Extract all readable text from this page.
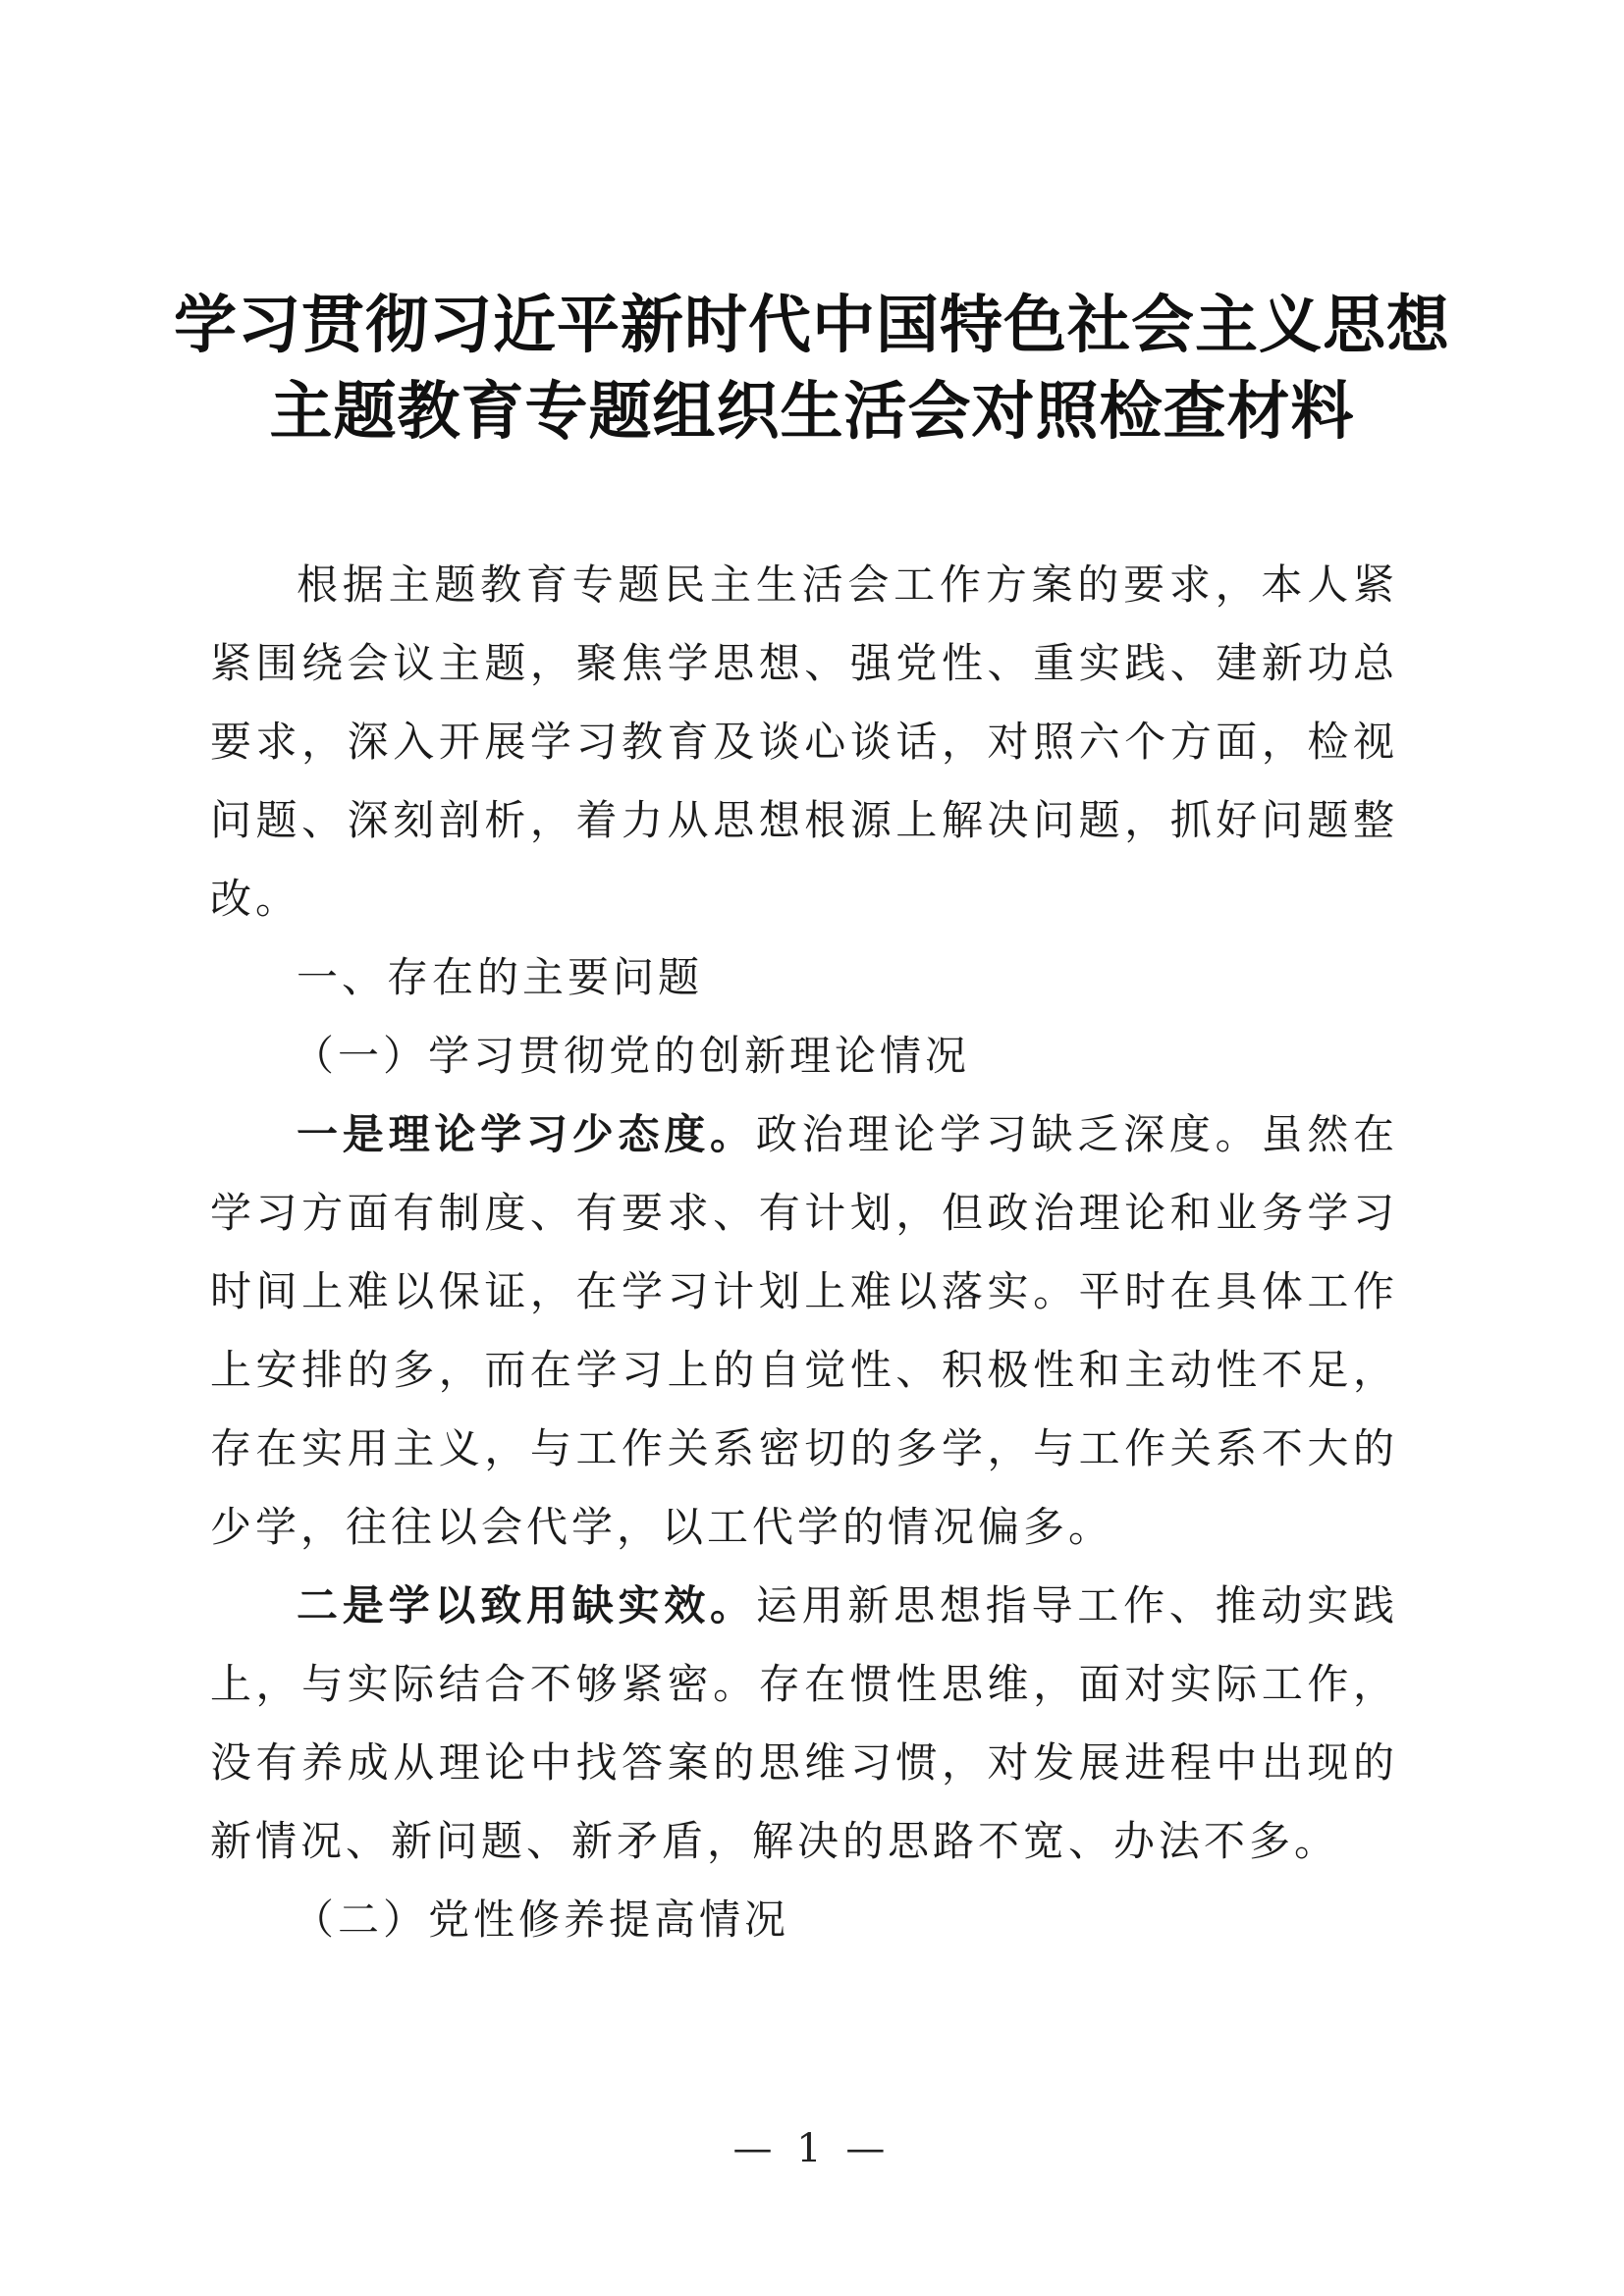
学习贯彻习近平新时代中国特色社会主义思想
主题教育专题组织生活会对照检查材料

根据主题教育专题民主生活会工作方案的要求，本人紧紧围绕会议主题，聚焦学思想、强党性、重实践、建新功总要求，深入开展学习教育及谈心谈话，对照六个方面，检视问题、深刻剖析，着力从思想根源上解决问题，抓好问题整改。

一、存在的主要问题

（一）学习贯彻党的创新理论情况

一是理论学习少态度。政治理论学习缺乏深度。虽然在学习方面有制度、有要求、有计划，但政治理论和业务学习时间上难以保证，在学习计划上难以落实。平时在具体工作上安排的多，而在学习上的自觉性、积极性和主动性不足，存在实用主义，与工作关系密切的多学，与工作关系不大的少学，往往以会代学，以工代学的情况偏多。

二是学以致用缺实效。运用新思想指导工作、推动实践上，与实际结合不够紧密。存在惯性思维，面对实际工作，没有养成从理论中找答案的思维习惯，对发展进程中出现的新情况、新问题、新矛盾，解决的思路不宽、办法不多。

（二）党性修养提高情况

— 1 —
